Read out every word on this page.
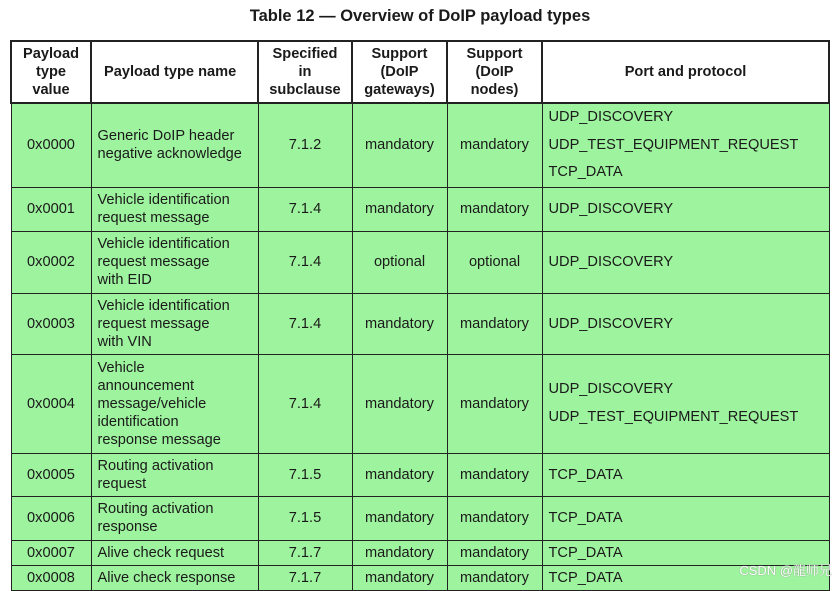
Table 12 — Overview of DoIP payload types
Payload
type
value	Payload type name	Specified
in
subclause	Support
(DoIP
gateways)	Support
(DoIP
nodes)	Port and protocol
0x0000	Generic DoIP header
negative acknowledge	7.1.2	mandatory	mandatory	UDP_DISCOVERY
UDP_TEST_EQUIPMENT_REQUEST
TCP_DATA

0x0001	Vehicle identification
request message	7.1.4	mandatory	mandatory	UDP_DISCOVERY

0x0002	Vehicle identification
request message
with EID	7.1.4	optional	optional	UDP_DISCOVERY

0x0003	Vehicle identification
request message
with VIN	7.1.4	mandatory	mandatory	UDP_DISCOVERY

0x0004	Vehicle
announcement
message/vehicle
identification
response message	7.1.4	mandatory	mandatory	UDP_DISCOVERY
UDP_TEST_EQUIPMENT_REQUEST

0x0005	Routing activation
request	7.1.5	mandatory	mandatory	TCP_DATA

0x0006	Routing activation
response	7.1.5	mandatory	mandatory	TCP_DATA

0x0007	Alive check request	7.1.7	mandatory	mandatory	TCP_DATA

0x0008	Alive check response	7.1.7	mandatory	mandatory	TCP_DATA	CSDN @龍师兄
